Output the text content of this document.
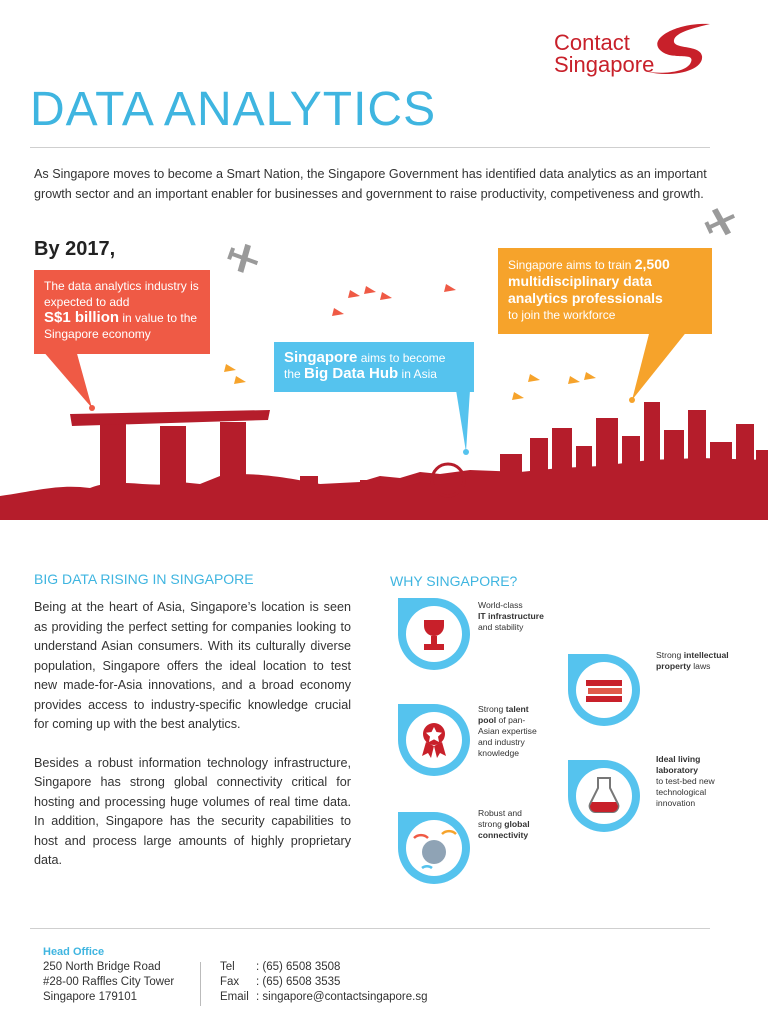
Contact
Singapore
DATA ANALYTICS
As Singapore moves to become a Smart Nation, the Singapore Government has identified data analytics as an important growth sector and an important enabler for businesses and government to raise productivity, competiveness and growth.
By 2017,
The data analytics industry is expected to add
S$1 billion in value to the Singapore economy
Singapore aims to become the Big Data Hub in Asia
Singapore aims to train 2,500 multidisciplinary data analytics professionals
to join the workforce
BIG DATA RISING IN SINGAPORE

Being at the heart of Asia, Singapore’s location is seen as providing the perfect setting for companies looking to understand Asian consumers. With its culturally diverse population, Singapore offers the ideal location to test new made-for-Asia innovations, and a broad economy provides access to industry-specific knowledge crucial for coming up with the best analytics.

Besides a robust information technology infrastructure, Singapore has strong global connectivity critical for hosting and processing huge volumes of real time data. In addition, Singapore has the security capabilities to host and process large amounts of highly proprietary data.

WHY SINGAPORE?
World-class
IT infrastructure
and stability
Strong intellectual property laws
Strong talent pool of pan-Asian expertise and industry knowledge
Ideal living laboratory
to test-bed new technological innovation
Robust and strong global connectivity
Head Office
250 North Bridge Road
#28-00 Raffles City Tower
Singapore 179101
Tel : (65) 6508 3508
Fax : (65) 6508 3535
Email : singapore@contactsingapore.sg
